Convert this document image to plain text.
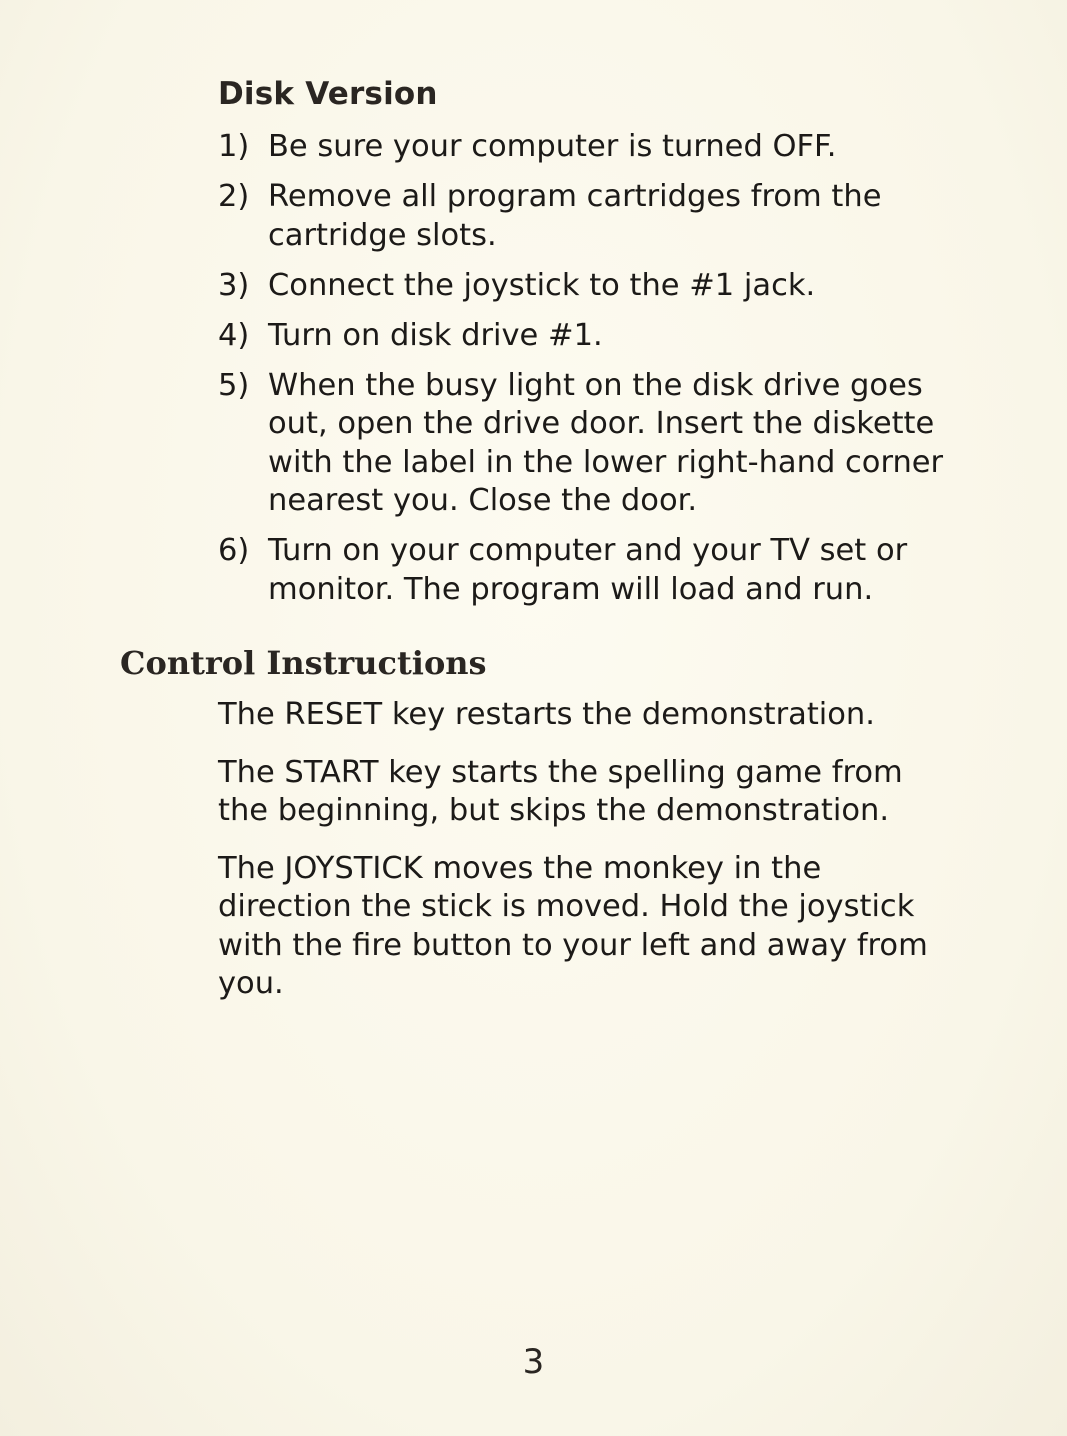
Disk Version
1) Be sure your computer is turned OFF.
2) Remove all program cartridges from the cartridge slots.
3) Connect the joystick to the #1 jack.
4) Turn on disk drive #1.
5) When the busy light on the disk drive goes out, open the drive door. Insert the diskette with the label in the lower right-hand corner nearest you. Close the door.
6) Turn on your computer and your TV set or monitor. The program will load and run.
Control Instructions

The RESET key restarts the demonstration.

The START key starts the spelling game from the beginning, but skips the demonstration.

The JOYSTICK moves the monkey in the direction the stick is moved. Hold the joystick with the fire button to your left and away from you.

3
